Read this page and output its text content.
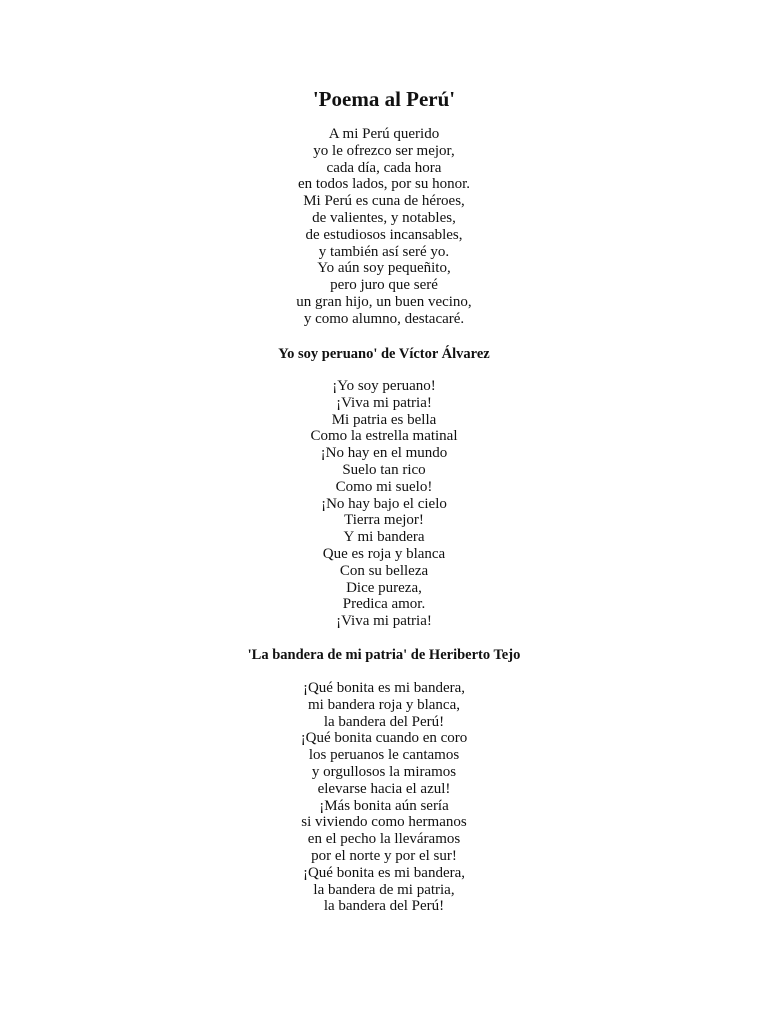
'Poema al Perú'
A mi Perú querido
yo le ofrezco ser mejor,
cada día, cada hora
en todos lados, por su honor.
Mi Perú es cuna de héroes,
de valientes, y notables,
de estudiosos incansables,
y también así seré yo.
Yo aún soy pequeñito,
pero juro que seré
un gran hijo, un buen vecino,
y como alumno, destacaré.
Yo soy peruano' de Víctor Álvarez
¡Yo soy peruano!
¡Viva mi patria!
Mi patria es bella
Como la estrella matinal
¡No hay en el mundo
Suelo tan rico
Como mi suelo!
¡No hay bajo el cielo
Tierra mejor!
Y mi bandera
Que es roja y blanca
Con su belleza
Dice pureza,
Predica amor.
¡Viva mi patria!
'La bandera de mi patria' de Heriberto Tejo
¡Qué bonita es mi bandera,
mi bandera roja y blanca,
la bandera del Perú!
¡Qué bonita cuando en coro
los peruanos le cantamos
y orgullosos la miramos
elevarse hacia el azul!
¡Más bonita aún sería
si viviendo como hermanos
en el pecho la lleváramos
por el norte y por el sur!
¡Qué bonita es mi bandera,
la bandera de mi patria,
la bandera del Perú!
